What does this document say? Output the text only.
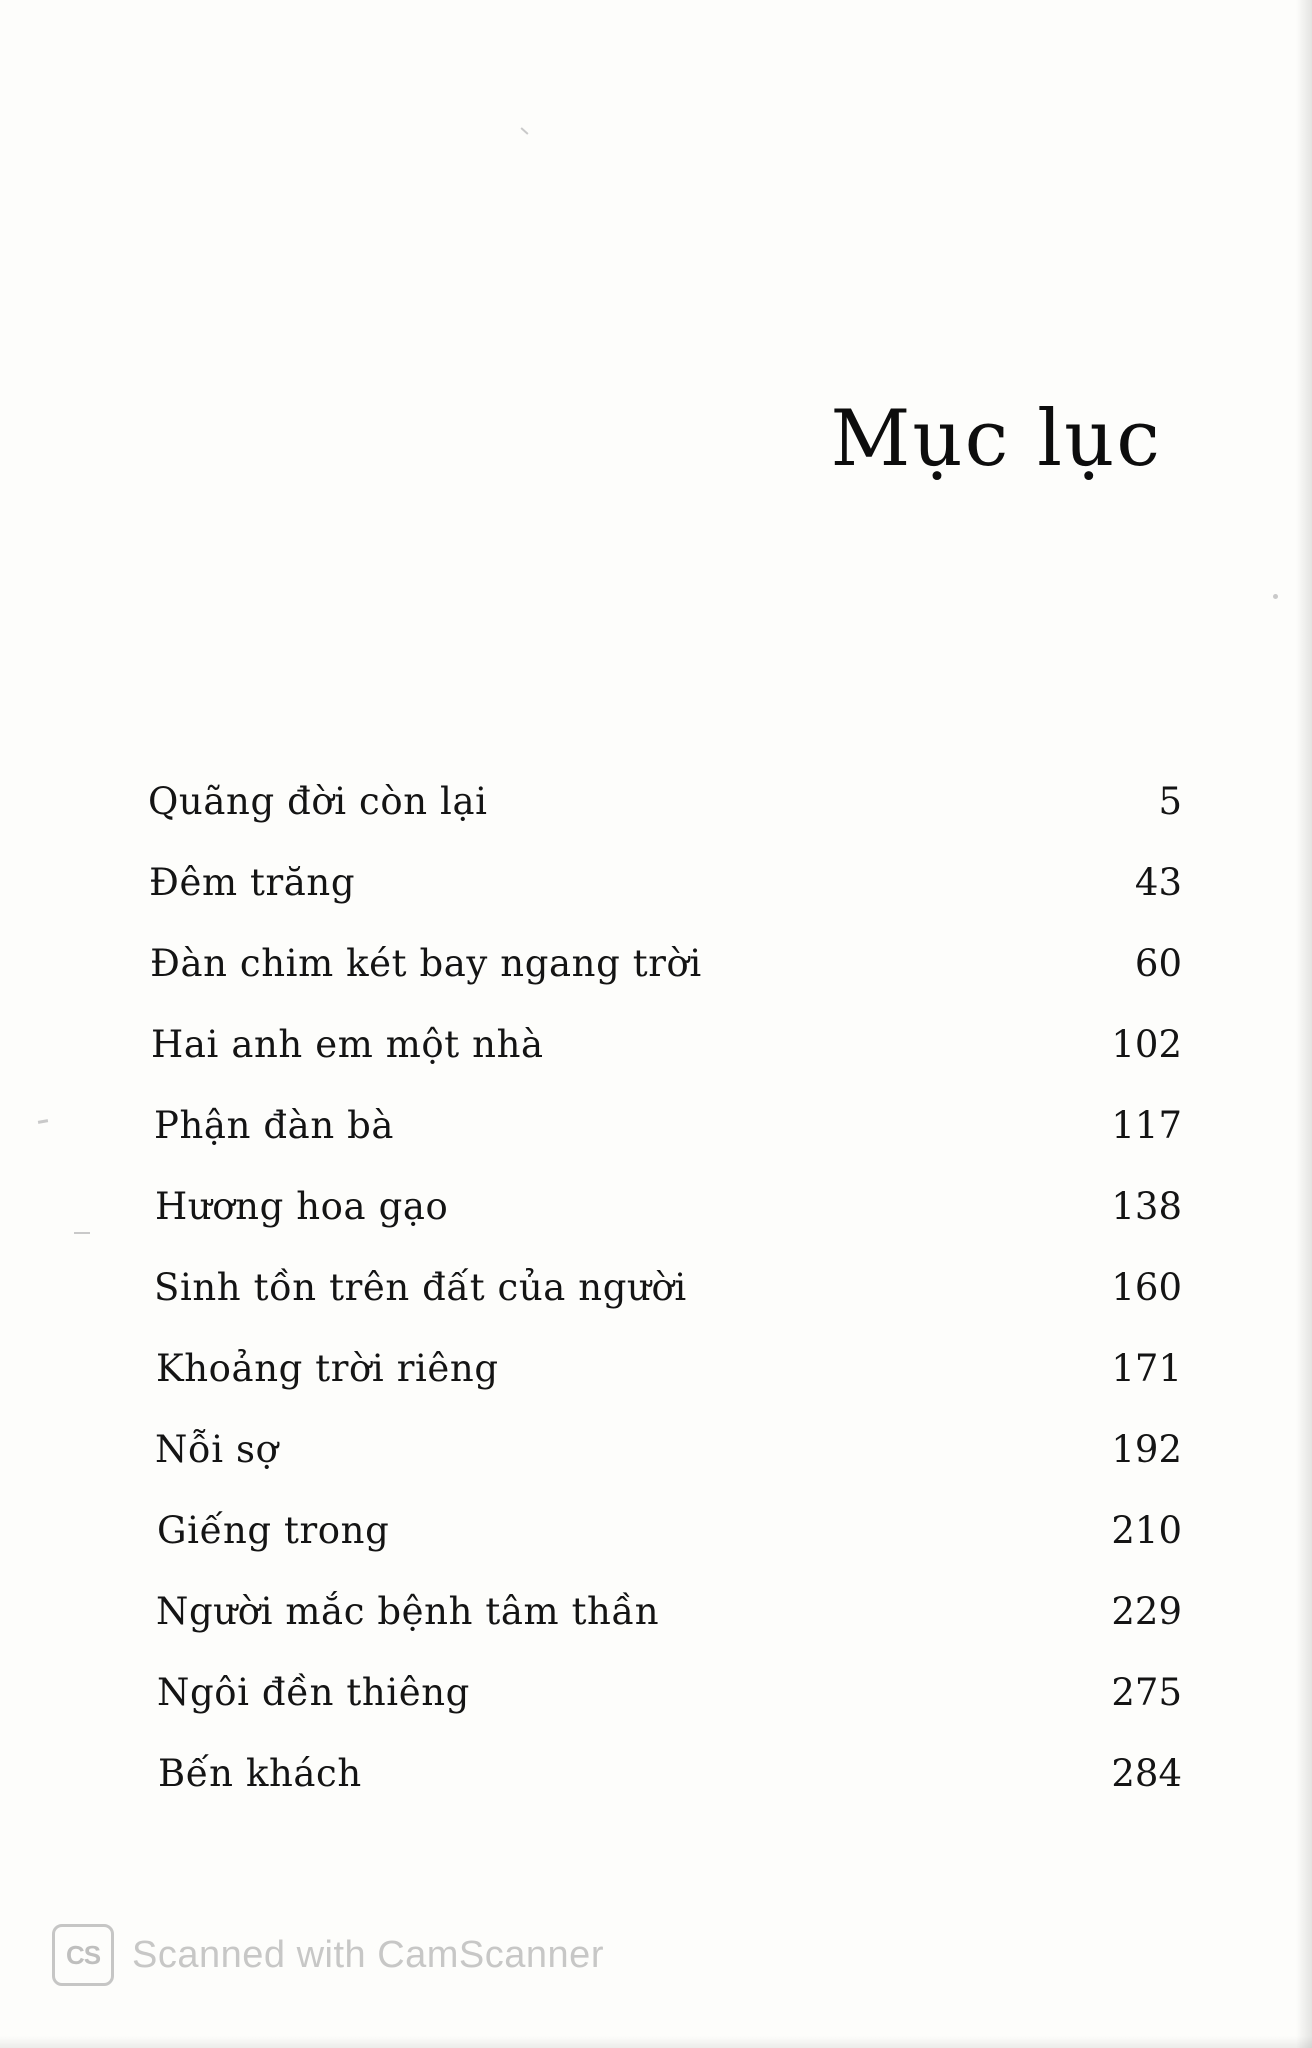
Mục lục
Quãng đời còn lại	5
Đêm trăng	43
Đàn chim két bay ngang trời	60
Hai anh em một nhà	102
Phận đàn bà	117
Hương hoa gạo	138
Sinh tồn trên đất của người	160
Khoảng trời riêng	171
Nỗi sợ	192
Giếng trong	210
Người mắc bệnh tâm thần	229
Ngôi đền thiêng	275
Bến khách	284
CS Scanned with CamScanner
